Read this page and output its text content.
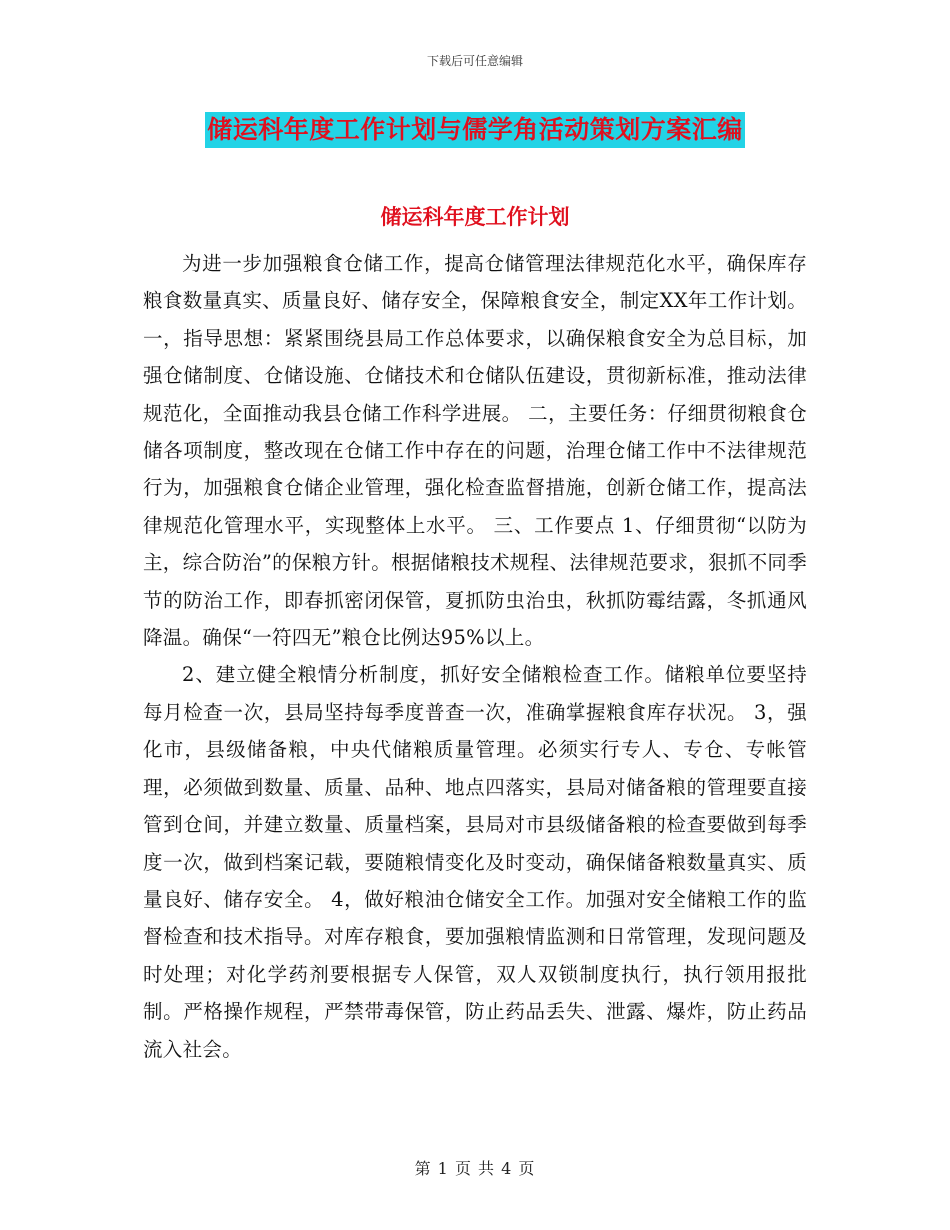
下载后可任意编辑
储运科年度工作计划与儒学角活动策划方案汇编
储运科年度工作计划

为进一步加强粮食仓储工作，提高仓储管理法律规范化水平，确保库存粮食数量真实、质量良好、储存安全，保障粮食安全，制定XX年工作计划。一，指导思想：紧紧围绕县局工作总体要求，以确保粮食安全为总目标，加强仓储制度、仓储设施、仓储技术和仓储队伍建设，贯彻新标准，推动法律规范化，全面推动我县仓储工作科学进展。 二，主要任务：仔细贯彻粮食仓储各项制度，整改现在仓储工作中存在的问题，治理仓储工作中不法律规范行为，加强粮食仓储企业管理，强化检查监督措施，创新仓储工作，提高法律规范化管理水平，实现整体上水平。 三、工作要点 1、仔细贯彻“以防为主，综合防治”的保粮方针。根据储粮技术规程、法律规范要求，狠抓不同季节的防治工作，即春抓密闭保管，夏抓防虫治虫，秋抓防霉结露，冬抓通风降温。确保“一符四无”粮仓比例达95%以上。

2、建立健全粮情分析制度，抓好安全储粮检查工作。储粮单位要坚持每月检查一次，县局坚持每季度普查一次，准确掌握粮食库存状况。 3，强化市，县级储备粮，中央代储粮质量管理。必须实行专人、专仓、专帐管理，必须做到数量、质量、品种、地点四落实，县局对储备粮的管理要直接管到仓间，并建立数量、质量档案，县局对市县级储备粮的检查要做到每季度一次，做到档案记载，要随粮情变化及时变动，确保储备粮数量真实、质量良好、储存安全。 4，做好粮油仓储安全工作。加强对安全储粮工作的监督检查和技术指导。对库存粮食，要加强粮情监测和日常管理，发现问题及时处理；对化学药剂要根据专人保管，双人双锁制度执行，执行领用报批制。严格操作规程，严禁带毒保管，防止药品丢失、泄露、爆炸，防止药品流入社会。

第 1 页 共 4 页
